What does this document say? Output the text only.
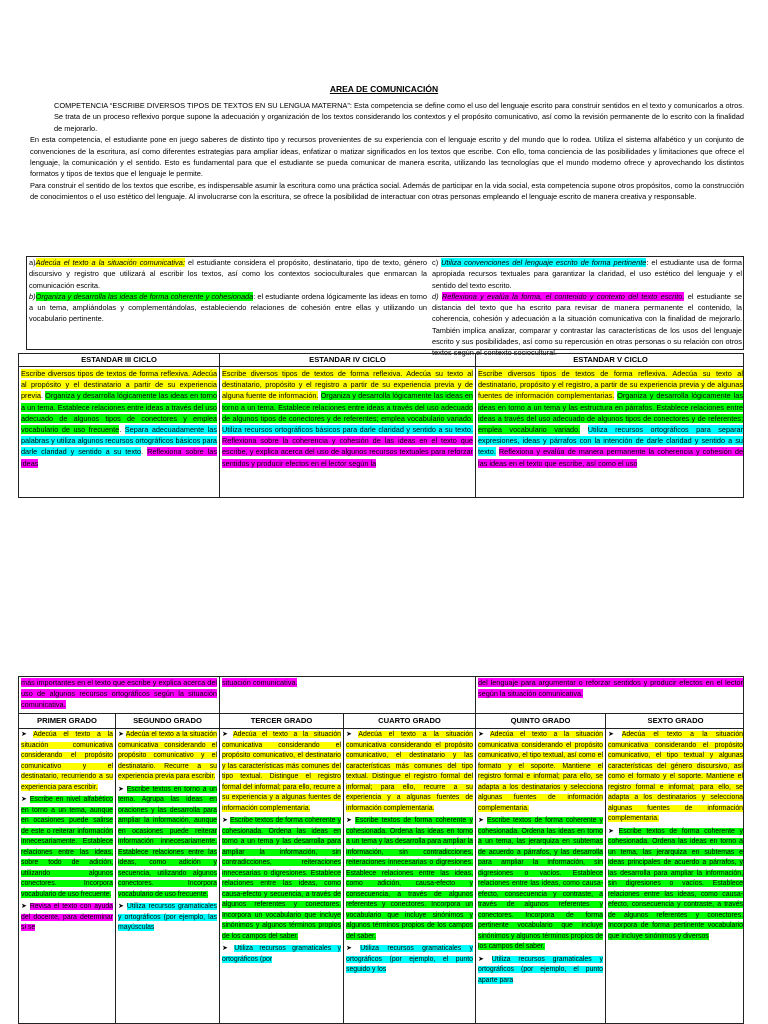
AREA DE COMUNICACIÓN
COMPETENCIA “ESCRIBE DIVERSOS TIPOS DE TEXTOS EN SU LENGUA MATERNA”: Esta competencia se define como el uso del lenguaje escrito para construir sentidos en el texto y comunicarlos a otros. Se trata de un proceso reflexivo porque supone la adecuación y organización de los textos considerando los contextos y el propósito comunicativo, así como la revisión permanente de lo escrito con la finalidad de mejorarlo.
En esta competencia, el estudiante pone en juego saberes de distinto tipo y recursos provenientes de su experiencia con el lenguaje escrito y del mundo que lo rodea. Utiliza el sistema alfabético y un conjunto de convenciones de la escritura, así como diferentes estrategias para ampliar ideas, enfatizar o matizar significados en los textos que escribe. Con ello, toma conciencia de las posibilidades y limitaciones que ofrece el lenguaje, la comunicación y el sentido. Esto es fundamental para que el estudiante se pueda comunicar de manera escrita, utilizando las tecnologías que el mundo moderno ofrece y aprovechando los distintos formatos y tipos de textos que el lenguaje le permite.
Para construir el sentido de los textos que escribe, es indispensable asumir la escritura como una práctica social. Además de participar en la vida social, esta competencia supone otros propósitos, como la construcción de conocimientos o el uso estético del lenguaje. Al involucrarse con la escritura, se ofrece la posibilidad de interactuar con otras personas empleando el lenguaje escrito de manera creativa y responsable.
a)Adecúa el texto a la situación comunicativa: el estudiante considera el propósito, destinatario, tipo de texto, género discursivo y registro que utilizará al escribir los textos, así como los contextos socioculturales que enmarcan la comunicación escrita.
b)Organiza y desarrolla las ideas de forma coherente y cohesionada: el estudiante ordena lógicamente las ideas en torno a un tema, ampliándolas y complementándolas, estableciendo relaciones de cohesión entre ellas y utilizando un vocabulario pertinente.
c) Utiliza convenciones del lenguaje escrito de forma pertinente: el estudiante usa de forma apropiada recursos textuales para garantizar la claridad, el uso estético del lenguaje y el sentido del texto escrito.
d) Reflexiona y evalúa la forma, el contenido y contexto del texto escrito. el estudiante se distancia del texto que ha escrito para revisar de manera permanente el contenido, la coherencia, cohesión y adecuación a la situación comunicativa con la finalidad de mejorarlo. También implica analizar, comparar y contrastar las características de los usos del lenguaje escrito y sus posibilidades, así como su repercusión en otras personas o su relación con otros textos según el contexto sociocultural.
ESTANDAR III CICLO
Escribe diversos tipos de textos de forma reflexiva. Adecúa al propósito y el destinatario a partir de su experiencia previa. Organiza y desarrolla lógicamente las ideas en torno a un tema. Establece relaciones entre ideas a través del uso adecuado de algunos tipos de conectores y emplea vocabulario de uso frecuente. Separa adecuadamente las palabras y utiliza algunos recursos ortográficos básicos para darle claridad y sentido a su texto. Reflexiona sobre las ideas
ESTANDAR IV CICLO
Escribe diversos tipos de textos de forma reflexiva. Adecúa su texto al destinatario, propósito y el registro a partir de su experiencia previa y de alguna fuente de información. Organiza y desarrolla lógicamente las ideas en torno a un tema. Establece relaciones entre ideas a través del uso adecuado de algunos tipos de conectores y de referentes; emplea vocabulario variado. Utiliza recursos ortográficos básicos para darle claridad y sentido a su texto. Reflexiona sobre la coherencia y cohesión de las ideas en el texto que escribe, y explica acerca del uso de algunos recursos textuales para reforzar sentidos y producir efectos en el lector según la
ESTANDAR V CICLO
Escribe diversos tipos de textos de forma reflexiva. Adecúa su texto al destinatario, propósito y el registro, a partir de su experiencia previa y de algunas fuentes de información complementarias. Organiza y desarrolla lógicamente las ideas en torno a un tema y las estructura en párrafos. Establece relaciones entre ideas a través del uso adecuado de algunos tipos de conectores y de referentes; emplea vocabulario variado. Utiliza recursos ortográficos para separar expresiones, ideas y párrafos con la intención de darle claridad y sentido a su texto. Reflexiona y evalúa de manera permanente la coherencia y cohesión de las ideas en el texto que escribe, así como el uso
más importantes en el texto que escribe y explica acerca del uso de algunos recursos ortográficos según la situación comunicativa.
situación comunicativa.	del lenguaje para argumentar o reforzar sentidos y producir efectos en el lector según la situación comunicativa.
PRIMER GRADO

➤ Adecúa el texto a la situación comunicativa considerando el propósito comunicativo y el destinatario, recurriendo a su experiencia para escribir.

➤ Escribe en nivel alfabético en torno a un tema, aunque en ocasiones puede salirse de este o reiterar información innecesariamente. Establece relaciones entre las ideas, sobre todo de adición, utilizando algunos conectores. Incorpora vocabulario de uso frecuente.

➤ Revisa el texto con ayuda del docente, para determinar si se

SEGUNDO GRADO

➤ Adecúa el texto a la situación comunicativa considerando el propósito comunicativo y el destinatario. Recurre a su experiencia previa para escribir.

➤ Escribe textos en torno a un tema. Agrupa las ideas en oraciones y las desarrolla para ampliar la información, aunque en ocasiones puede reiterar información innecesariamente. Establece relaciones entre las ideas, como adición y secuencia, utilizando algunos conectores. Incorpora vocabulario de uso frecuente.

➤ Utiliza recursos gramaticales y ortográficos (por ejemplo, las mayúsculas

TERCER GRADO

➤ Adecúa el texto a la situación comunicativa considerando el propósito comunicativo, el destinatario y las características más comunes del tipo textual. Distingue el registro formal del informal; para ello, recurre a su experiencia y a algunas fuentes de información complementaria.

➤ Escribe textos de forma coherente y cohesionada. Ordena las ideas en torno a un tema y las desarrolla para ampliar la información, sin contradicciones, reiteraciones innecesarias o digresiones. Establece relaciones entre las ideas, como causa-efecto y secuencia, a través de algunos referentes y conectores. Incorpora un vocabulario que incluye sinónimos y algunos términos propios de los campos del saber.

➤ Utiliza recursos gramaticales y ortográficos (por

CUARTO GRADO

➤ Adecúa el texto a la situación comunicativa considerando el propósito comunicativo, el destinatario y las características más comunes del tipo textual. Distingue el registro formal del informal; para ello, recurre a su experiencia y a algunas fuentes de información complementaria.

➤ Escribe textos de forma coherente y cohesionada. Ordena las ideas en torno a un tema y las desarrolla para ampliar la información, sin contradicciones, reiteraciones innecesarias o digresiones. Establece relaciones entre las ideas, como adición, causa-efecto y consecuencia, a través de algunos referentes y conectores. Incorpora un vocabulario que incluye sinónimos y algunos términos propios de los campos del saber.

➤ Utiliza recursos gramaticales y ortográficos (por ejemplo, el punto seguido y los

QUINTO GRADO

➤ Adecúa el texto a la situación comunicativa considerando el propósito comunicativo, el tipo textual, así como el formato y el soporte. Mantiene el registro formal e informal; para ello, se adapta a los destinatarios y selecciona algunas fuentes de información complementaria.

➤ Escribe textos de forma coherente y cohesionada. Ordena las ideas en torno a un tema, las jerarquiza en subtemas de acuerdo a párrafos, y las desarrolla para ampliar la información, sin digresiones o vacíos. Establece relaciones entre las ideas, como causa-efecto, consecuencia y contraste, a través de algunos referentes y conectores. Incorpora de forma pertinente vocabulario que incluye sinónimos y algunos términos propios de los campos del saber.

➤ Utiliza recursos gramaticales y ortográficos (por ejemplo, el punto aparte para

SEXTO GRADO

➤ Adecúa el texto a la situación comunicativa considerando el propósito comunicativo, el tipo textual y algunas características del género discursivo, así como el formato y el soporte. Mantiene el registro formal e informal; para ello, se adapta a los destinatarios y selecciona algunas fuentes de información complementaria.

➤ Escribe textos de forma coherente y cohesionada. Ordena las ideas en torno a un tema, las jerarquiza en subtemas e ideas principales de acuerdo a párrafos, y las desarrolla para ampliar la información, sin digresiones o vacíos. Establece relaciones entre las ideas, como causa-efecto, consecuencia y contraste, a través de algunos referentes y conectores. Incorpora de forma pertinente vocabulario que incluye sinónimos y diversos
